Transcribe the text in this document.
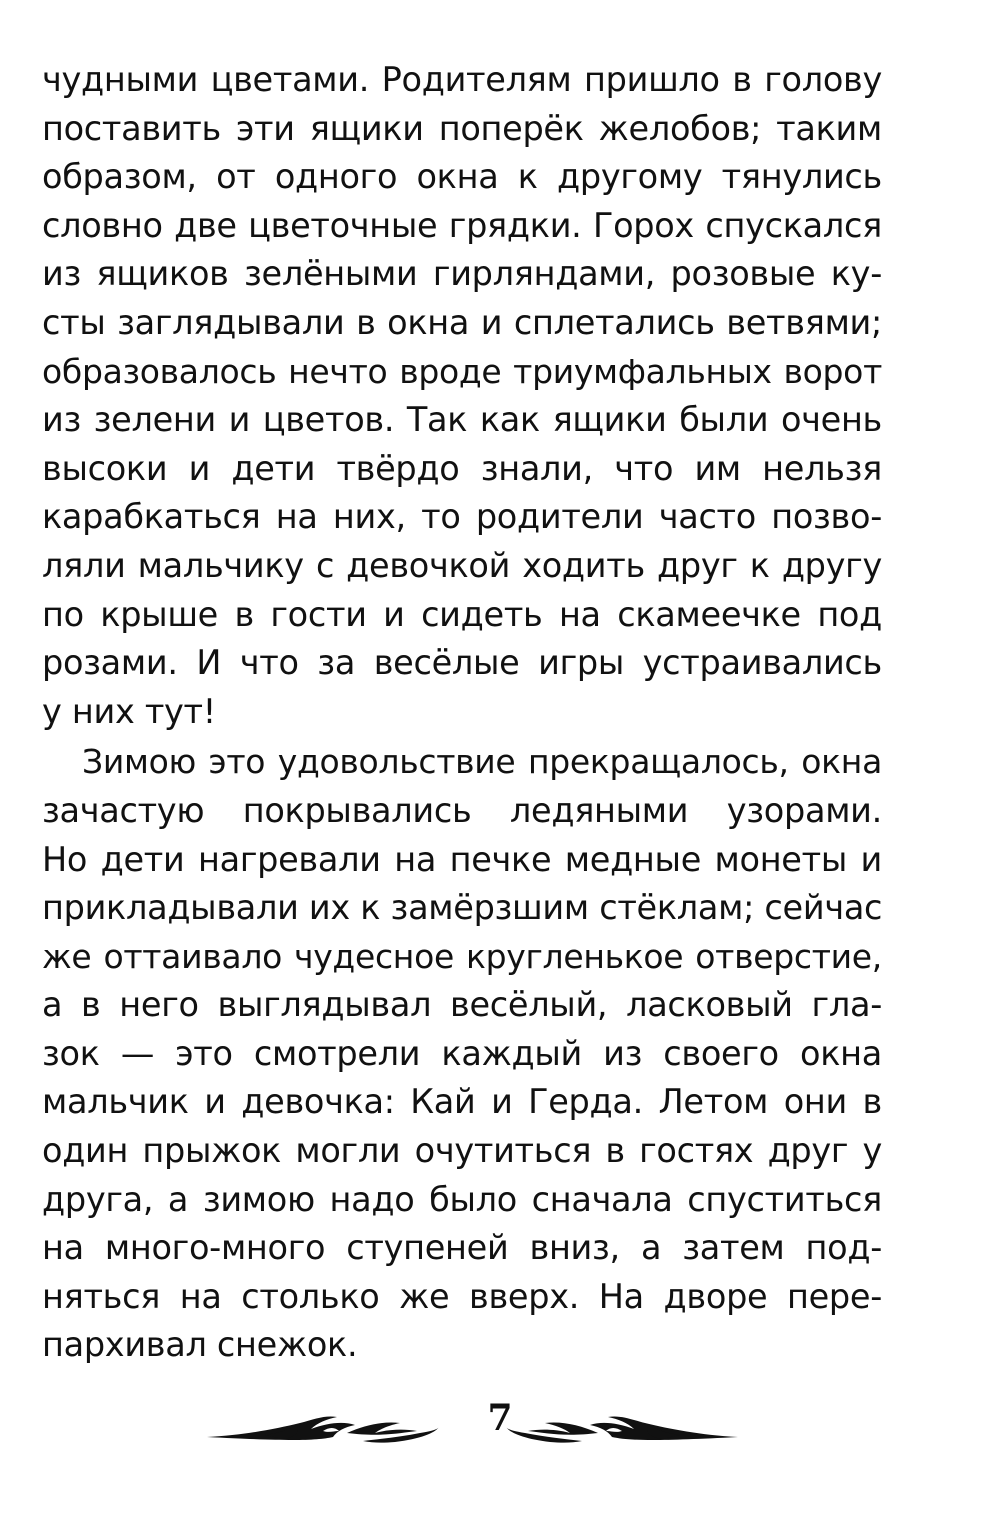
чудными цветами. Родителям пришло в голову
поставить эти ящики поперёк желобов; таким
образом, от одного окна к другому тянулись
словно две цветочные грядки. Горох спускался
из ящиков зелёными гирляндами, розовые ку-
сты заглядывали в окна и сплетались ветвями;
образовалось нечто вроде триумфальных ворот
из зелени и цветов. Так как ящики были очень
высоки и дети твёрдо знали, что им нельзя
карабкаться на них, то родители часто позво-
ляли мальчику с девочкой ходить друг к другу
по крыше в гости и сидеть на скамеечке под
розами. И что за весёлые игры устраивались
у них тут!
Зимою это удовольствие прекращалось, окна
зачастую покрывались ледяными узорами.
Но дети нагревали на печке медные монеты и
прикладывали их к замёрзшим стёклам; сейчас
же оттаивало чудесное кругленькое отверстие,
а в него выглядывал весёлый, ласковый гла-
зок — это смотрели каждый из своего окна
мальчик и девочка: Кай и Герда. Летом они в
один прыжок могли очутиться в гостях друг у
друга, а зимою надо было сначала спуститься
на много-много ступеней вниз, а затем под-
няться на столько же вверх. На дворе пере-
пархивал снежок.
7
